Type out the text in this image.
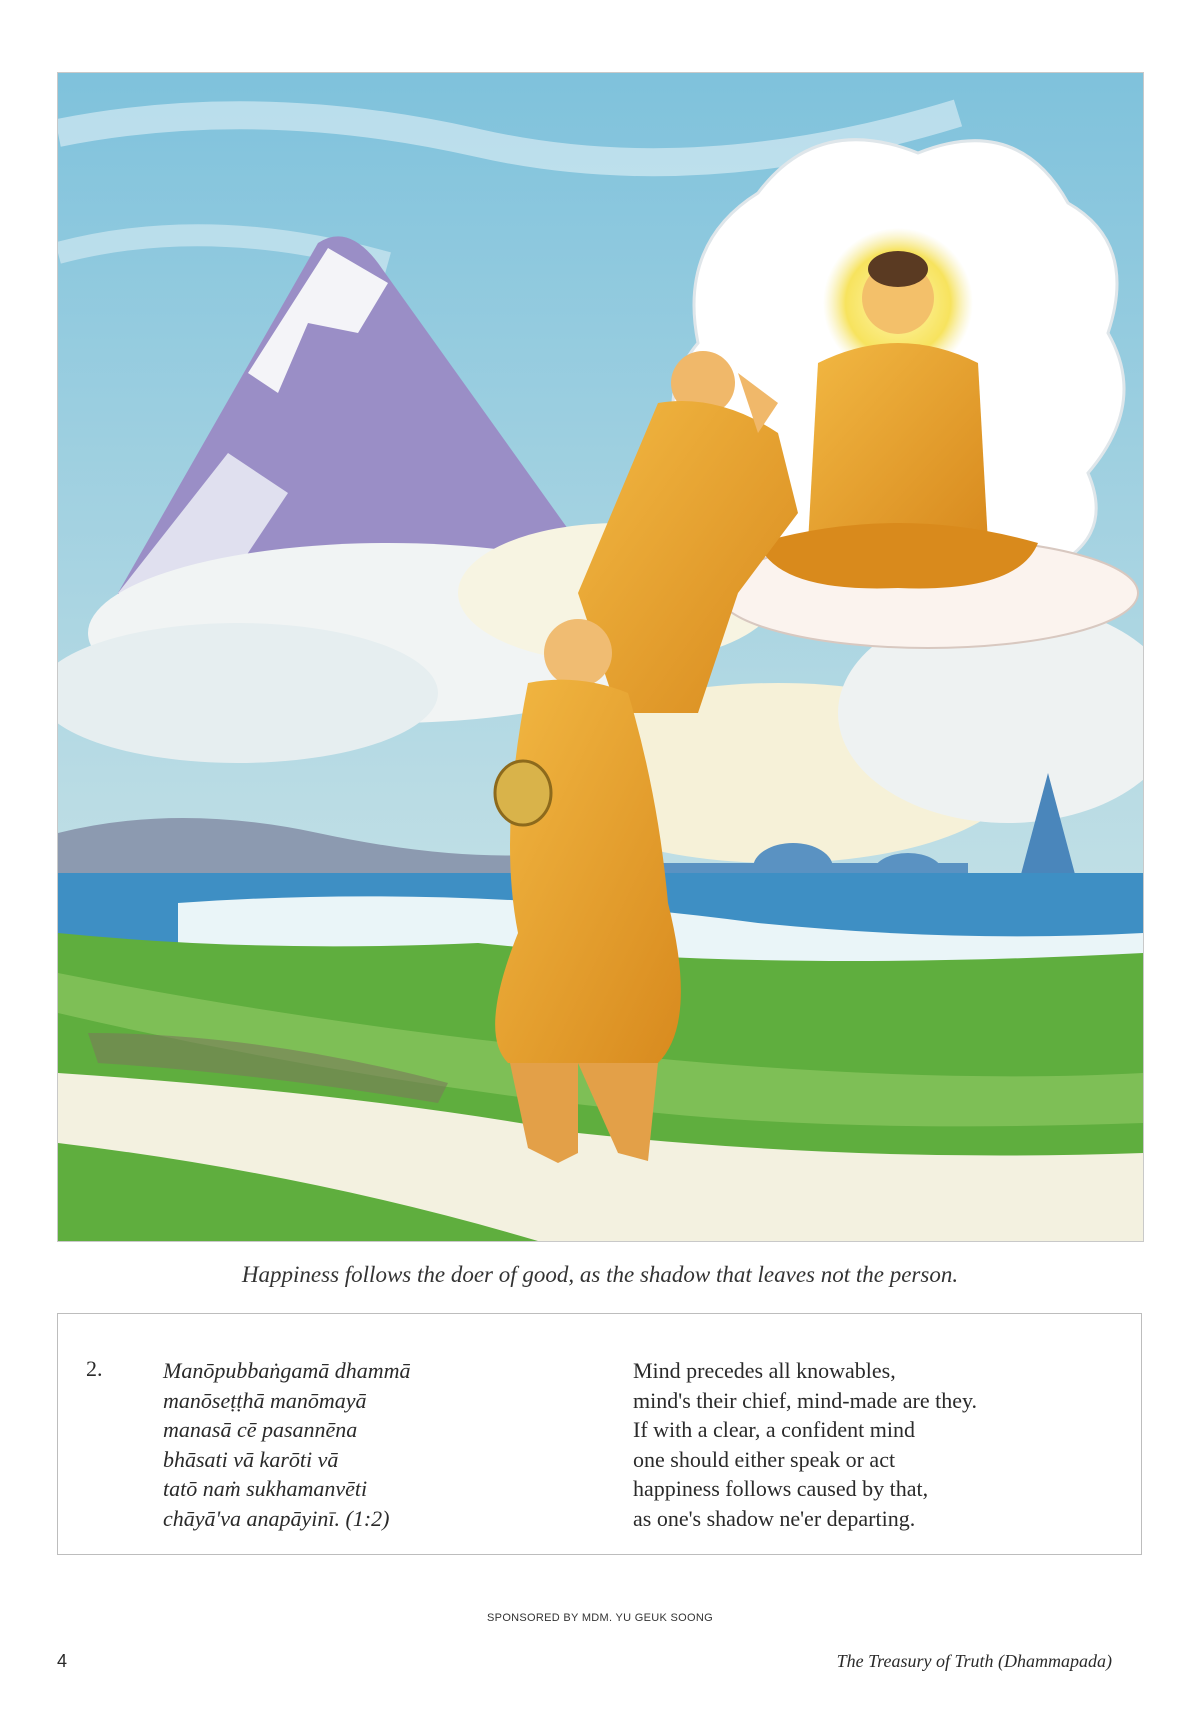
Happiness follows the doer of good, as the shadow that leaves not the person.
2.	Manōpubbaṅgamā dhammā
manōseṭṭhā manōmayā
manasā cē pasannēna
bhāsati vā karōti vā
tatō naṁ sukhamanvēti
chāyā'va anapāyinī. (1:2)
Mind precedes all knowables,
mind's their chief, mind-made are they.
If with a clear, a confident mind
one should either speak or act
happiness follows caused by that,
as one's shadow ne'er departing.
SPONSORED BY MDM. YU GEUK SOONG
4	The Treasury of Truth (Dhammapada)
